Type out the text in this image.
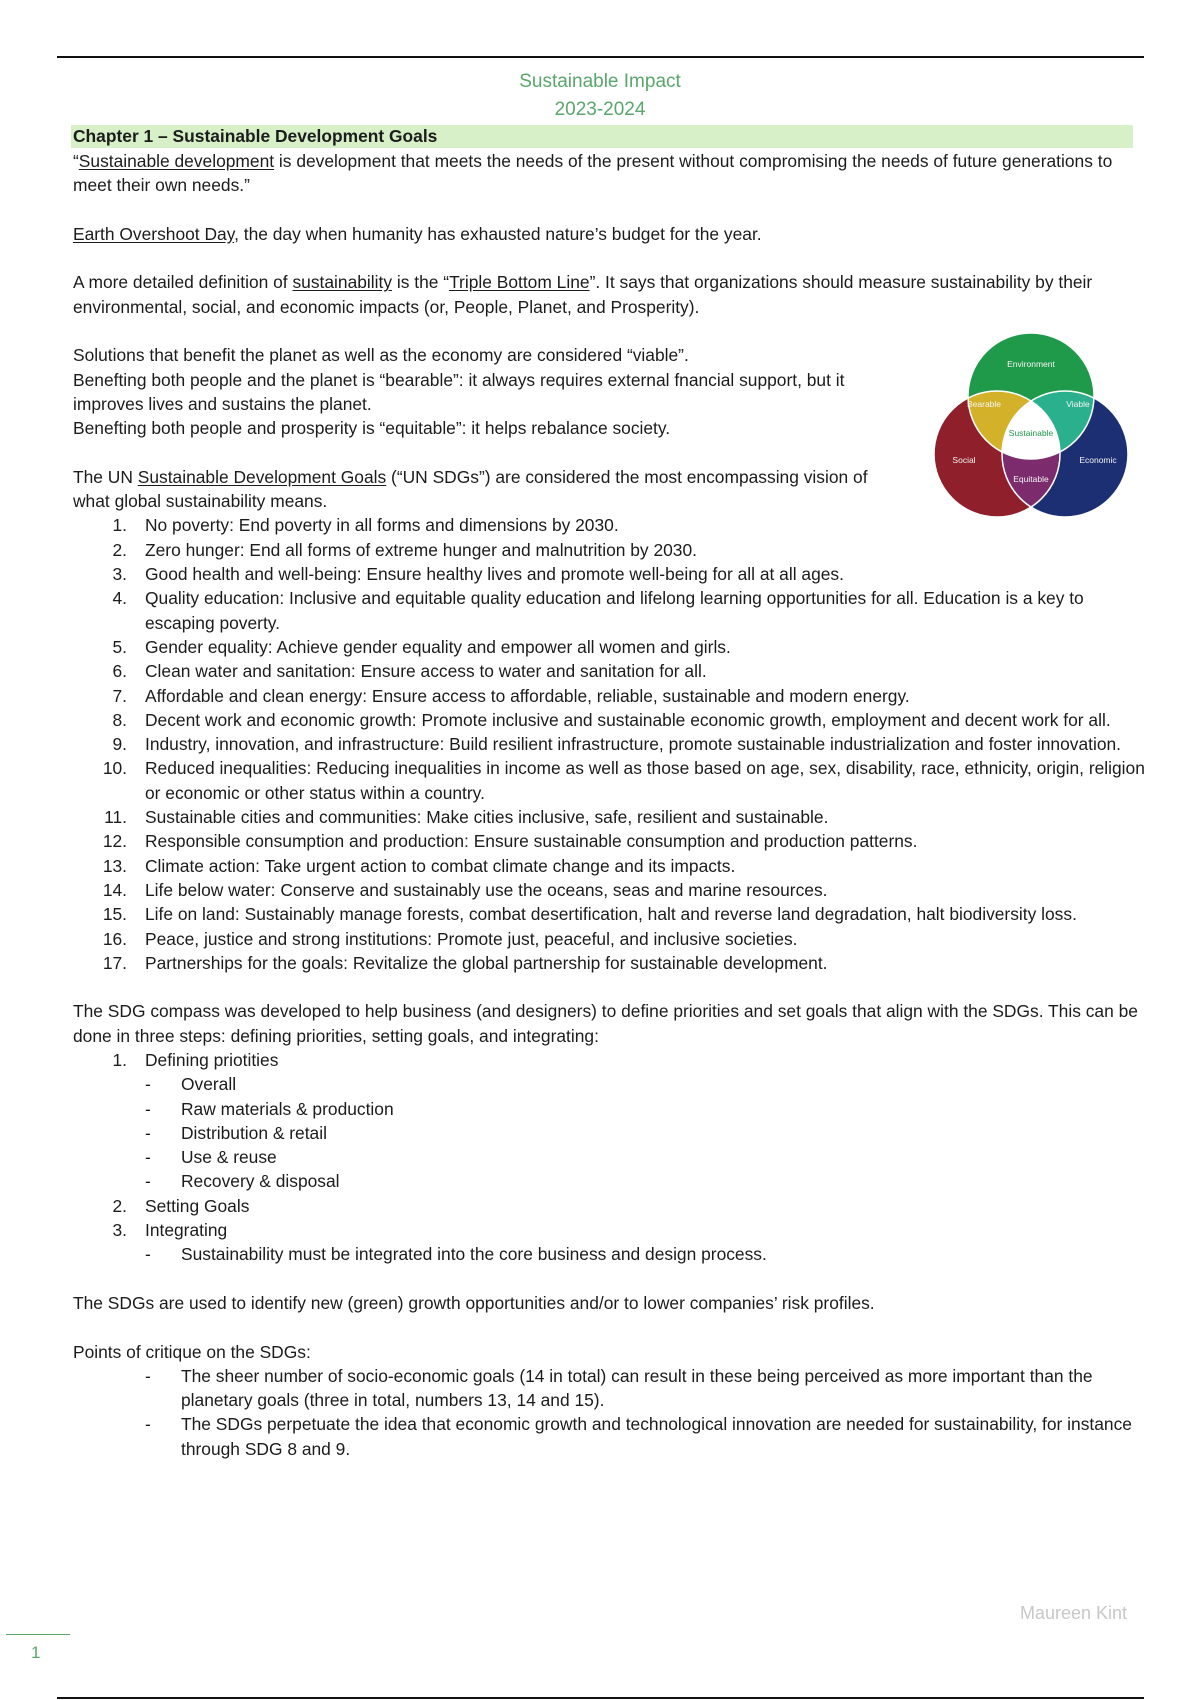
Sustainable Impact
2023-2024
Chapter 1 – Sustainable Development Goals

“Sustainable development is development that meets the needs of the present without compromising the needs of future generations to meet their own needs.”

Earth Overshoot Day, the day when humanity has exhausted nature’s budget for the year.

A more detailed definition of sustainability is the “Triple Bottom Line”. It says that organizations should measure sustainability by their environmental, social, and economic impacts (or, People, Planet, and Prosperity).

Solutions that benefit the planet as well as the economy are considered “viable”.

Benefting both people and the planet is “bearable”: it always requires external fnancial support, but it improves lives and sustains the planet.

Benefting both people and prosperity is “equitable”: it helps rebalance society.

The UN Sustainable Development Goals (“UN SDGs”) are considered the most encompassing vision of what global sustainability means.

1. No poverty: End poverty in all forms and dimensions by 2030.
2. Zero hunger: End all forms of extreme hunger and malnutrition by 2030.
3. Good health and well-being: Ensure healthy lives and promote well-being for all at all ages.
4. Quality education: Inclusive and equitable quality education and lifelong learning opportunities for all. Education is a key to escaping poverty.
5. Gender equality: Achieve gender equality and empower all women and girls.
6. Clean water and sanitation: Ensure access to water and sanitation for all.
7. Affordable and clean energy: Ensure access to affordable, reliable, sustainable and modern energy.
8. Decent work and economic growth: Promote inclusive and sustainable economic growth, employment and decent work for all.
9. Industry, innovation, and infrastructure: Build resilient infrastructure, promote sustainable industrialization and foster innovation.
10. Reduced inequalities: Reducing inequalities in income as well as those based on age, sex, disability, race, ethnicity, origin, religion or economic or other status within a country.
11. Sustainable cities and communities: Make cities inclusive, safe, resilient and sustainable.
12. Responsible consumption and production: Ensure sustainable consumption and production patterns.
13. Climate action: Take urgent action to combat climate change and its impacts.
14. Life below water: Conserve and sustainably use the oceans, seas and marine resources.
15. Life on land: Sustainably manage forests, combat desertification, halt and reverse land degradation, halt biodiversity loss.
16. Peace, justice and strong institutions: Promote just, peaceful, and inclusive societies.
17. Partnerships for the goals: Revitalize the global partnership for sustainable development.

The SDG compass was developed to help business (and designers) to define priorities and set goals that align with the SDGs. This can be done in three steps: defining priorities, setting goals, and integrating:

1. Defining priotities
- Overall
- Raw materials & production
- Distribution & retail
- Use & reuse
- Recovery & disposal
2. Setting Goals
3. Integrating
- Sustainability must be integrated into the core business and design process.

The SDGs are used to identify new (green) growth opportunities and/or to lower companies’ risk profiles.

Points of critique on the SDGs:

- The sheer number of socio-economic goals (14 in total) can result in these being perceived as more important than the planetary goals (three in total, numbers 13, 14 and 15).
- The SDGs perpetuate the idea that economic growth and technological innovation are needed for sustainability, for instance through SDG 8 and 9.
Environment
Social	Economic
Bearable	Viable
Equitable
Sustainable
Maureen Kint
1
